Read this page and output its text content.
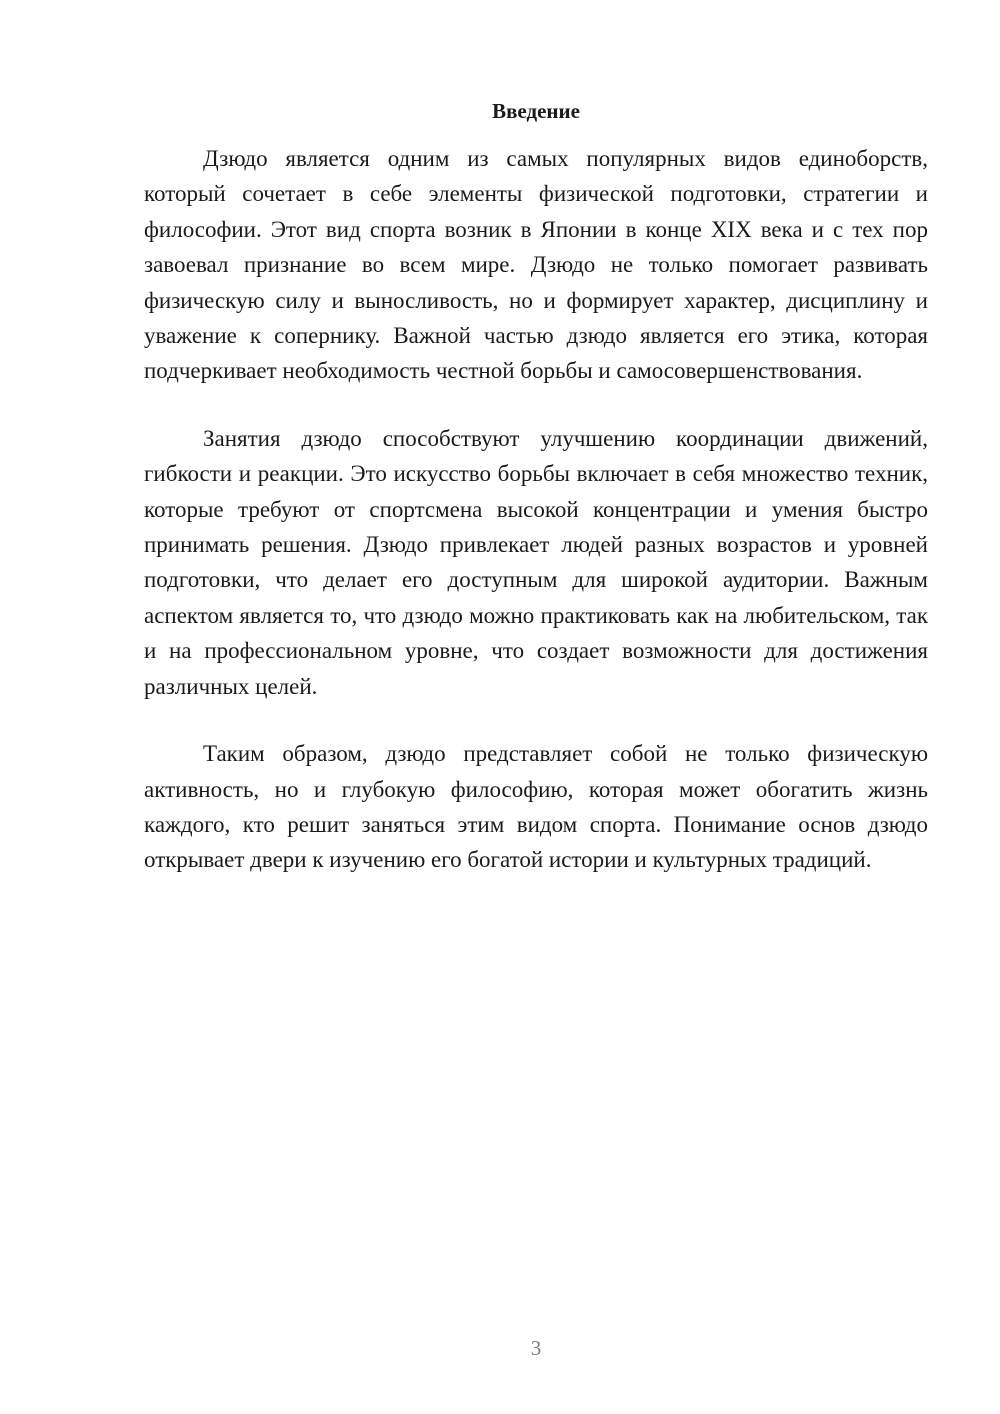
Введение

Дзюдо является одним из самых популярных видов единоборств, который сочетает в себе элементы физической подготовки, стратегии и философии. Этот вид спорта возник в Японии в конце XIX века и с тех пор завоевал признание во всем мире. Дзюдо не только помогает развивать физическую силу и выносливость, но и формирует характер, дисциплину и уважение к сопернику. Важной частью дзюдо является его этика, которая подчеркивает необходимость честной борьбы и самосовершенствования.

Занятия дзюдо способствуют улучшению координации движений, гибкости и реакции. Это искусство борьбы включает в себя множество техник, которые требуют от спортсмена высокой концентрации и умения быстро принимать решения. Дзюдо привлекает людей разных возрастов и уровней подготовки, что делает его доступным для широкой аудитории. Важным аспектом является то, что дзюдо можно практиковать как на любительском, так и на профессиональном уровне, что создает возможности для достижения различных целей.

Таким образом, дзюдо представляет собой не только физическую активность, но и глубокую философию, которая может обогатить жизнь каждого, кто решит заняться этим видом спорта. Понимание основ дзюдо открывает двери к изучению его богатой истории и культурных традиций.

3
